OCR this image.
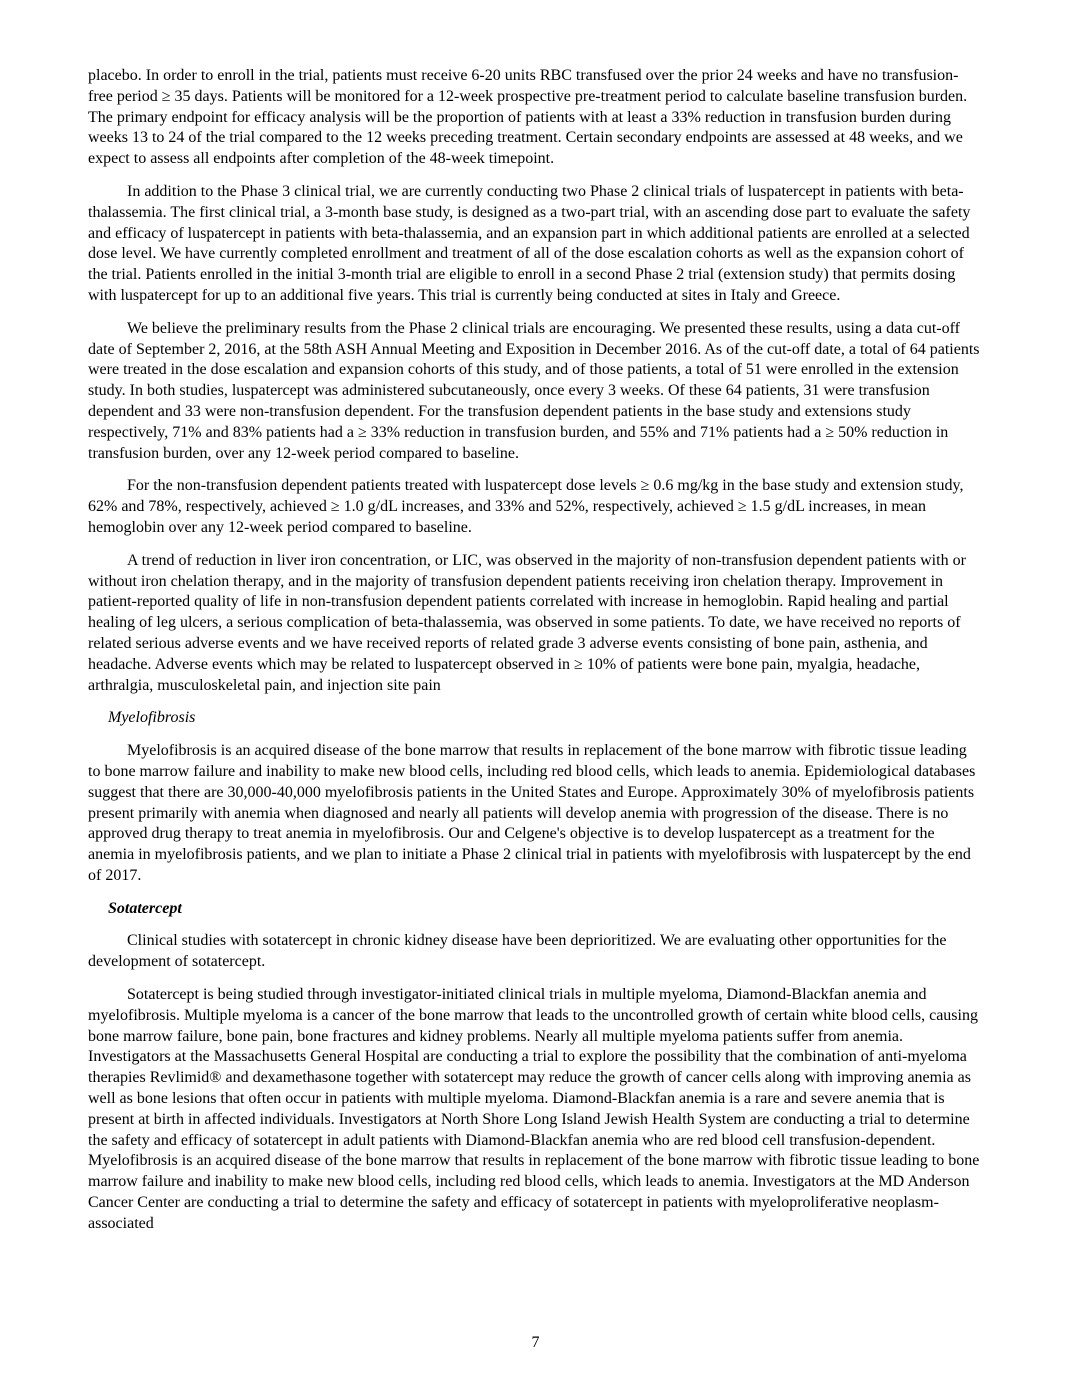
placebo. In order to enroll in the trial, patients must receive 6-20 units RBC transfused over the prior 24 weeks and have no transfusion-free period ≥ 35 days. Patients will be monitored for a 12-week prospective pre-treatment period to calculate baseline transfusion burden. The primary endpoint for efficacy analysis will be the proportion of patients with at least a 33% reduction in transfusion burden during weeks 13 to 24 of the trial compared to the 12 weeks preceding treatment. Certain secondary endpoints are assessed at 48 weeks, and we expect to assess all endpoints after completion of the 48-week timepoint.

In addition to the Phase 3 clinical trial, we are currently conducting two Phase 2 clinical trials of luspatercept in patients with beta-thalassemia. The first clinical trial, a 3-month base study, is designed as a two-part trial, with an ascending dose part to evaluate the safety and efficacy of luspatercept in patients with beta-thalassemia, and an expansion part in which additional patients are enrolled at a selected dose level. We have currently completed enrollment and treatment of all of the dose escalation cohorts as well as the expansion cohort of the trial. Patients enrolled in the initial 3-month trial are eligible to enroll in a second Phase 2 trial (extension study) that permits dosing with luspatercept for up to an additional five years. This trial is currently being conducted at sites in Italy and Greece.

We believe the preliminary results from the Phase 2 clinical trials are encouraging. We presented these results, using a data cut-off date of September 2, 2016, at the 58th ASH Annual Meeting and Exposition in December 2016. As of the cut-off date, a total of 64 patients were treated in the dose escalation and expansion cohorts of this study, and of those patients, a total of 51 were enrolled in the extension study. In both studies, luspatercept was administered subcutaneously, once every 3 weeks. Of these 64 patients, 31 were transfusion dependent and 33 were non-transfusion dependent. For the transfusion dependent patients in the base study and extensions study respectively, 71% and 83% patients had a ≥ 33% reduction in transfusion burden, and 55% and 71% patients had a ≥ 50% reduction in transfusion burden, over any 12-week period compared to baseline.

For the non-transfusion dependent patients treated with luspatercept dose levels ≥ 0.6 mg/kg in the base study and extension study, 62% and 78%, respectively, achieved ≥ 1.0 g/dL increases, and 33% and 52%, respectively, achieved ≥ 1.5 g/dL increases, in mean hemoglobin over any 12-week period compared to baseline.

A trend of reduction in liver iron concentration, or LIC, was observed in the majority of non-transfusion dependent patients with or without iron chelation therapy, and in the majority of transfusion dependent patients receiving iron chelation therapy. Improvement in patient-reported quality of life in non-transfusion dependent patients correlated with increase in hemoglobin. Rapid healing and partial healing of leg ulcers, a serious complication of beta-thalassemia, was observed in some patients. To date, we have received no reports of related serious adverse events and we have received reports of related grade 3 adverse events consisting of bone pain, asthenia, and headache. Adverse events which may be related to luspatercept observed in ≥ 10% of patients were bone pain, myalgia, headache, arthralgia, musculoskeletal pain, and injection site pain

Myelofibrosis

Myelofibrosis is an acquired disease of the bone marrow that results in replacement of the bone marrow with fibrotic tissue leading to bone marrow failure and inability to make new blood cells, including red blood cells, which leads to anemia. Epidemiological databases suggest that there are 30,000-40,000 myelofibrosis patients in the United States and Europe. Approximately 30% of myelofibrosis patients present primarily with anemia when diagnosed and nearly all patients will develop anemia with progression of the disease. There is no approved drug therapy to treat anemia in myelofibrosis. Our and Celgene's objective is to develop luspatercept as a treatment for the anemia in myelofibrosis patients, and we plan to initiate a Phase 2 clinical trial in patients with myelofibrosis with luspatercept by the end of 2017.

Sotatercept

Clinical studies with sotatercept in chronic kidney disease have been deprioritized. We are evaluating other opportunities for the development of sotatercept.

Sotatercept is being studied through investigator-initiated clinical trials in multiple myeloma, Diamond-Blackfan anemia and myelofibrosis. Multiple myeloma is a cancer of the bone marrow that leads to the uncontrolled growth of certain white blood cells, causing bone marrow failure, bone pain, bone fractures and kidney problems. Nearly all multiple myeloma patients suffer from anemia. Investigators at the Massachusetts General Hospital are conducting a trial to explore the possibility that the combination of anti-myeloma therapies Revlimid® and dexamethasone together with sotatercept may reduce the growth of cancer cells along with improving anemia as well as bone lesions that often occur in patients with multiple myeloma. Diamond-Blackfan anemia is a rare and severe anemia that is present at birth in affected individuals. Investigators at North Shore Long Island Jewish Health System are conducting a trial to determine the safety and efficacy of sotatercept in adult patients with Diamond-Blackfan anemia who are red blood cell transfusion-dependent. Myelofibrosis is an acquired disease of the bone marrow that results in replacement of the bone marrow with fibrotic tissue leading to bone marrow failure and inability to make new blood cells, including red blood cells, which leads to anemia. Investigators at the MD Anderson Cancer Center are conducting a trial to determine the safety and efficacy of sotatercept in patients with myeloproliferative neoplasm-associated

7
